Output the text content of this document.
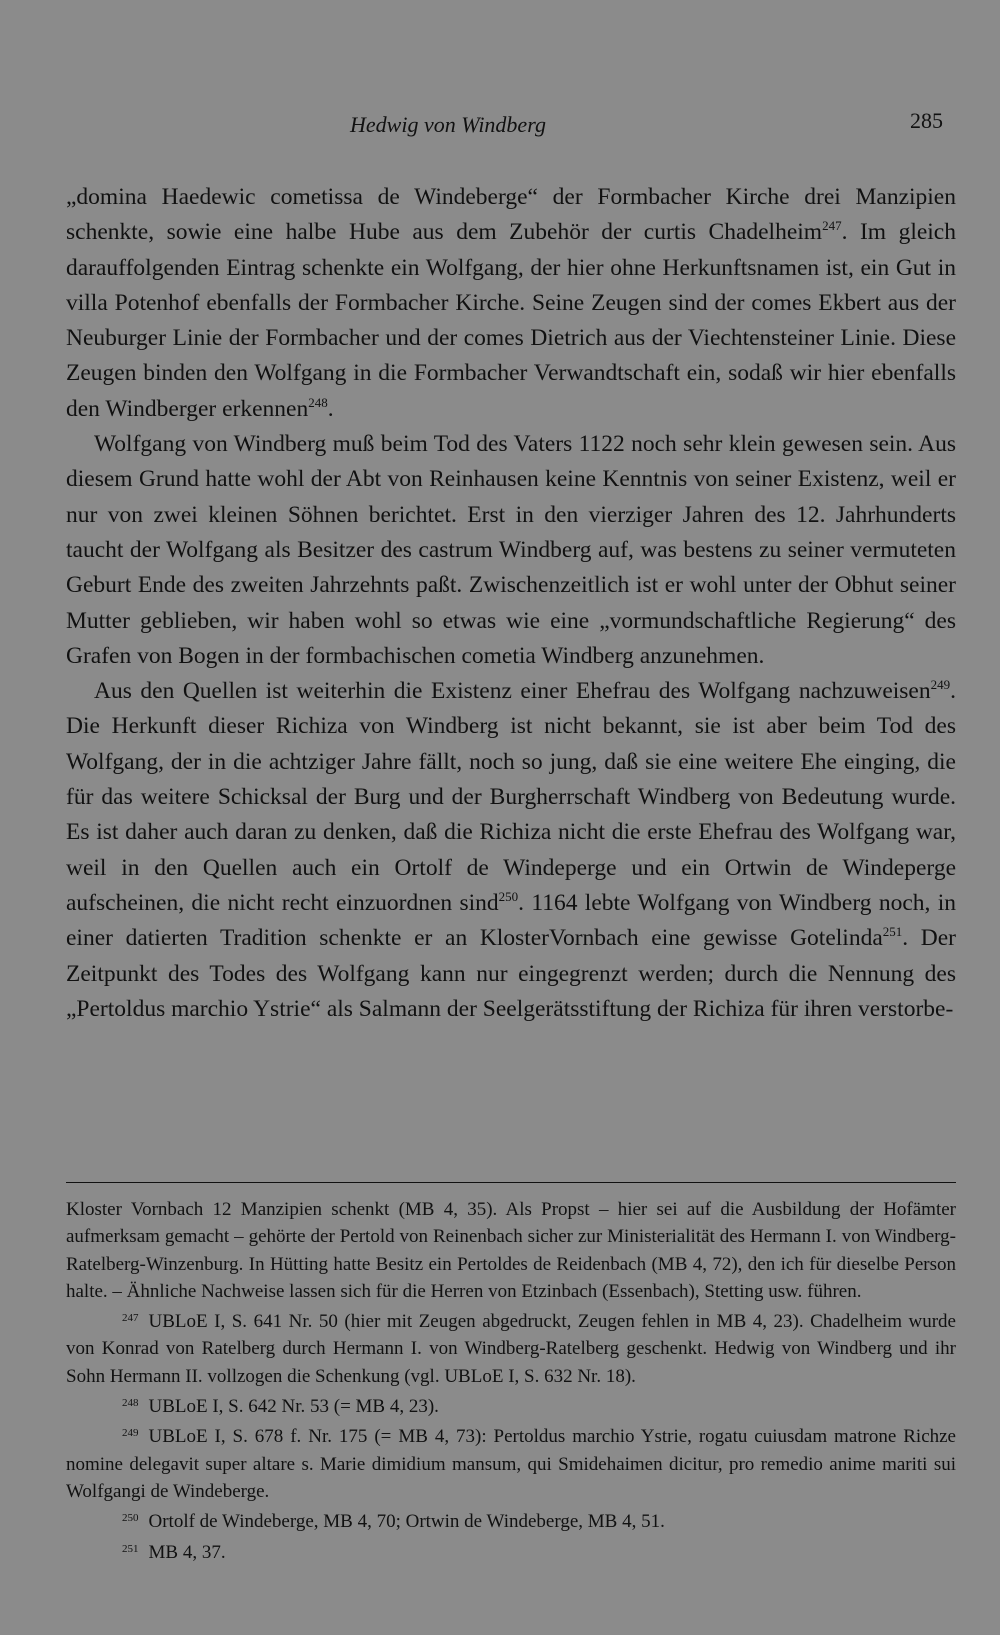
Hedwig von Windberg	285

„domina Haedewic cometissa de Windeberge“ der Formbacher Kirche drei Manzipien schenkte, sowie eine halbe Hube aus dem Zubehör der curtis Chadelheim$^{247}$. Im gleich darauffolgenden Eintrag schenkte ein Wolfgang, der hier ohne Herkunftsnamen ist, ein Gut in villa Potenhof ebenfalls der Formbacher Kirche. Seine Zeugen sind der comes Ekbert aus der Neuburger Linie der Formbacher und der comes Dietrich aus der Viechtensteiner Linie. Diese Zeugen binden den Wolfgang in die Formbacher Verwandtschaft ein, sodaß wir hier ebenfalls den Windberger erkennen$^{248}$.

Wolfgang von Windberg muß beim Tod des Vaters 1122 noch sehr klein gewesen sein. Aus diesem Grund hatte wohl der Abt von Reinhausen keine Kenntnis von seiner Existenz, weil er nur von zwei kleinen Söhnen berichtet. Erst in den vierziger Jahren des 12. Jahrhunderts taucht der Wolfgang als Besitzer des castrum Windberg auf, was bestens zu seiner vermuteten Geburt Ende des zweiten Jahrzehnts paßt. Zwischenzeitlich ist er wohl unter der Obhut seiner Mutter geblieben, wir haben wohl so etwas wie eine „vormundschaftliche Regierung“ des Grafen von Bogen in der formbachischen cometia Windberg anzunehmen.

Aus den Quellen ist weiterhin die Existenz einer Ehefrau des Wolfgang nachzuweisen$^{249}$. Die Herkunft dieser Richiza von Windberg ist nicht bekannt, sie ist aber beim Tod des Wolfgang, der in die achtziger Jahre fällt, noch so jung, daß sie eine weitere Ehe einging, die für das weitere Schicksal der Burg und der Burgherrschaft Windberg von Bedeutung wurde. Es ist daher auch daran zu denken, daß die Richiza nicht die erste Ehefrau des Wolfgang war, weil in den Quellen auch ein Ortolf de Windeperge und ein Ortwin de Windeperge aufscheinen, die nicht recht einzuordnen sind$^{250}$. 1164 lebte Wolfgang von Windberg noch, in einer datierten Tradition schenkte er an KlosterVornbach eine gewisse Gotelinda$^{251}$. Der Zeitpunkt des Todes des Wolfgang kann nur eingegrenzt werden; durch die Nennung des „Pertoldus marchio Ystrie“ als Salmann der Seelgerätsstiftung der Richiza für ihren verstorbe-

Kloster Vornbach 12 Manzipien schenkt (MB 4, 35). Als Propst – hier sei auf die Ausbildung der Hofämter aufmerksam gemacht – gehörte der Pertold von Reinenbach sicher zur Ministerialität des Hermann I. von Windberg-Ratelberg-Winzenburg. In Hütting hatte Besitz ein Pertoldes de Reidenbach (MB 4, 72), den ich für dieselbe Person halte. – Ähnliche Nachweise lassen sich für die Herren von Etzinbach (Essenbach), Stetting usw. führen.

247 UBLoE I, S. 641 Nr. 50 (hier mit Zeugen abgedruckt, Zeugen fehlen in MB 4, 23). Chadelheim wurde von Konrad von Ratelberg durch Hermann I. von Windberg-Ratelberg geschenkt. Hedwig von Windberg und ihr Sohn Hermann II. vollzogen die Schenkung (vgl. UBLoE I, S. 632 Nr. 18).

248 UBLoE I, S. 642 Nr. 53 (= MB 4, 23).

249 UBLoE I, S. 678 f. Nr. 175 (= MB 4, 73): Pertoldus marchio Ystrie, rogatu cuiusdam matrone Richze nomine delegavit super altare s. Marie dimidium mansum, qui Smidehaimen dicitur, pro remedio anime mariti sui Wolfgangi de Windeberge.

250 Ortolf de Windeberge, MB 4, 70; Ortwin de Windeberge, MB 4, 51.

251 MB 4, 37.
